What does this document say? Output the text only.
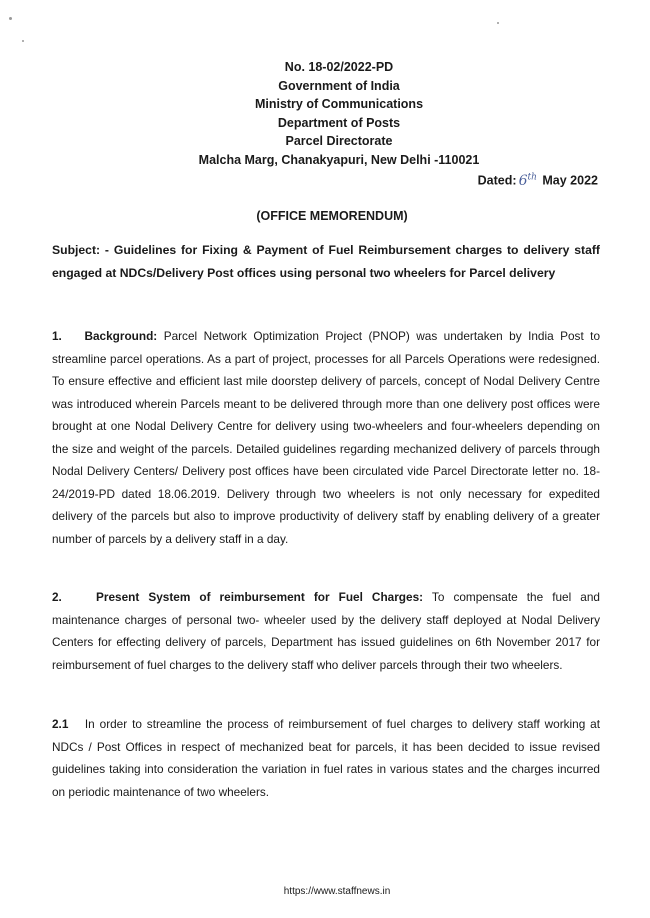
No. 18-02/2022-PD
Government of India
Ministry of Communications
Department of Posts
Parcel Directorate
Malcha Marg, Chanakyapuri, New Delhi -110021
Dated: 6th May 2022
(OFFICE MEMORENDUM)
Subject: - Guidelines for Fixing & Payment of Fuel Reimbursement charges to delivery staff engaged at NDCs/Delivery Post offices using personal two wheelers for Parcel delivery
1. Background: Parcel Network Optimization Project (PNOP) was undertaken by India Post to streamline parcel operations. As a part of project, processes for all Parcels Operations were redesigned. To ensure effective and efficient last mile doorstep delivery of parcels, concept of Nodal Delivery Centre was introduced wherein Parcels meant to be delivered through more than one delivery post offices were brought at one Nodal Delivery Centre for delivery using two-wheelers and four-wheelers depending on the size and weight of the parcels. Detailed guidelines regarding mechanized delivery of parcels through Nodal Delivery Centers/ Delivery post offices have been circulated vide Parcel Directorate letter no. 18-24/2019-PD dated 18.06.2019. Delivery through two wheelers is not only necessary for expedited delivery of the parcels but also to improve productivity of delivery staff by enabling delivery of a greater number of parcels by a delivery staff in a day.
2.	Present System of reimbursement for Fuel Charges: To compensate the fuel and maintenance charges of personal two- wheeler used by the delivery staff deployed at Nodal Delivery Centers for effecting delivery of parcels, Department has issued guidelines on 6th November 2017 for reimbursement of fuel charges to the delivery staff who deliver parcels through their two wheelers.
2.1 In order to streamline the process of reimbursement of fuel charges to delivery staff working at NDCs / Post Offices in respect of mechanized beat for parcels, it has been decided to issue revised guidelines taking into consideration the variation in fuel rates in various states and the charges incurred on periodic maintenance of two wheelers.
https://www.staffnews.in
